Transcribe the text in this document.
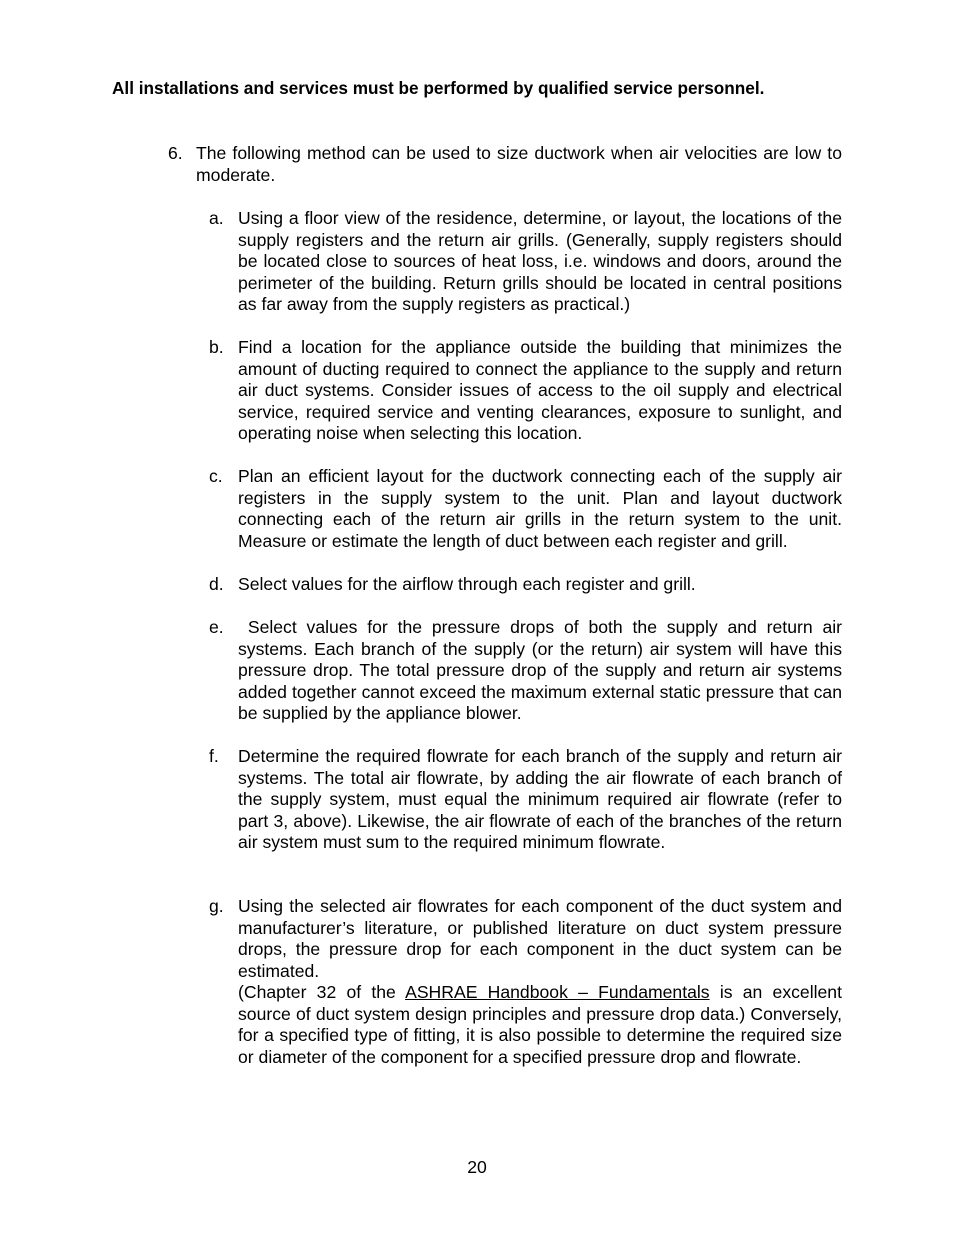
All installations and services must be performed by qualified service personnel.
6. The following method can be used to size ductwork when air velocities are low to moderate.
a. Using a floor view of the residence, determine, or layout, the locations of the supply registers and the return air grills. (Generally, supply registers should be located close to sources of heat loss, i.e. windows and doors, around the perimeter of the building. Return grills should be located in central positions as far away from the supply registers as practical.)
b. Find a location for the appliance outside the building that minimizes the amount of ducting required to connect the appliance to the supply and return air duct systems. Consider issues of access to the oil supply and electrical service, required service and venting clearances, exposure to sunlight, and operating noise when selecting this location.
c. Plan an efficient layout for the ductwork connecting each of the supply air registers in the supply system to the unit. Plan and layout ductwork connecting each of the return air grills in the return system to the unit. Measure or estimate the length of duct between each register and grill.
d. Select values for the airflow through each register and grill.
e. Select values for the pressure drops of both the supply and return air systems. Each branch of the supply (or the return) air system will have this pressure drop. The total pressure drop of the supply and return air systems added together cannot exceed the maximum external static pressure that can be supplied by the appliance blower.
f. Determine the required flowrate for each branch of the supply and return air systems. The total air flowrate, by adding the air flowrate of each branch of the supply system, must equal the minimum required air flowrate (refer to part 3, above). Likewise, the air flowrate of each of the branches of the return air system must sum to the required minimum flowrate.
g. Using the selected air flowrates for each component of the duct system and manufacturer’s literature, or published literature on duct system pressure drops, the pressure drop for each component in the duct system can be estimated.

(Chapter 32 of the ASHRAE Handbook – Fundamentals is an excellent source of duct system design principles and pressure drop data.) Conversely, for a specified type of fitting, it is also possible to determine the required size or diameter of the component for a specified pressure drop and flowrate.

20
